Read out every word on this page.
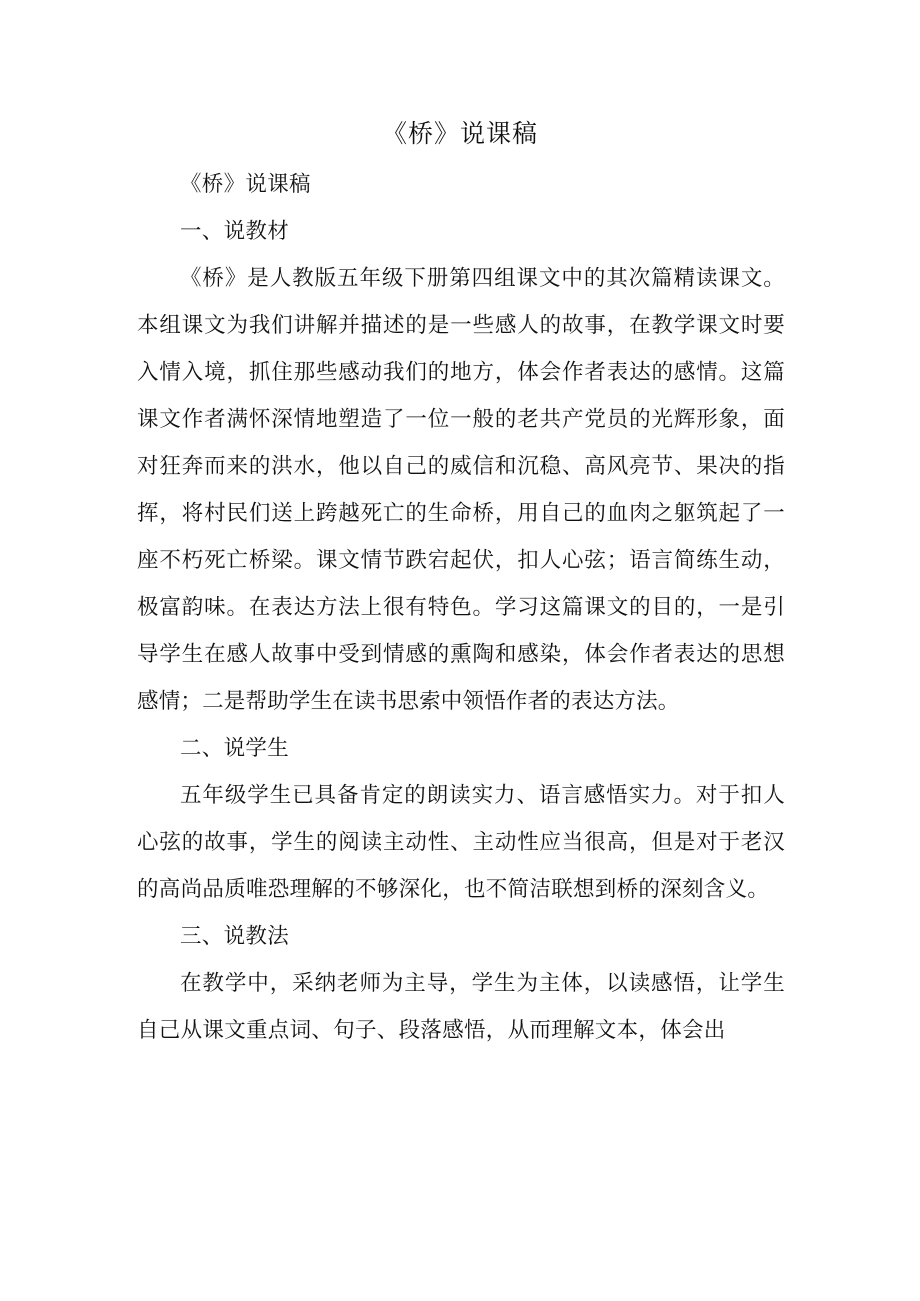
《桥》说课稿

《桥》说课稿

一、说教材

《桥》是人教版五年级下册第四组课文中的其次篇精读课文。本组课文为我们讲解并描述的是一些感人的故事，在教学课文时要入情入境，抓住那些感动我们的地方，体会作者表达的感情。这篇课文作者满怀深情地塑造了一位一般的老共产党员的光辉形象，面对狂奔而来的洪水，他以自己的威信和沉稳、高风亮节、果决的指挥，将村民们送上跨越死亡的生命桥，用自己的血肉之躯筑起了一座不朽死亡桥梁。课文情节跌宕起伏，扣人心弦；语言简练生动，极富韵味。在表达方法上很有特色。学习这篇课文的目的，一是引导学生在感人故事中受到情感的熏陶和感染，体会作者表达的思想感情；二是帮助学生在读书思索中领悟作者的表达方法。

二、说学生

五年级学生已具备肯定的朗读实力、语言感悟实力。对于扣人心弦的故事，学生的阅读主动性、主动性应当很高，但是对于老汉的高尚品质唯恐理解的不够深化，也不简洁联想到桥的深刻含义。

三、说教法

在教学中，采纳老师为主导，学生为主体，以读感悟，让学生自己从课文重点词、句子、段落感悟，从而理解文本，体会出
